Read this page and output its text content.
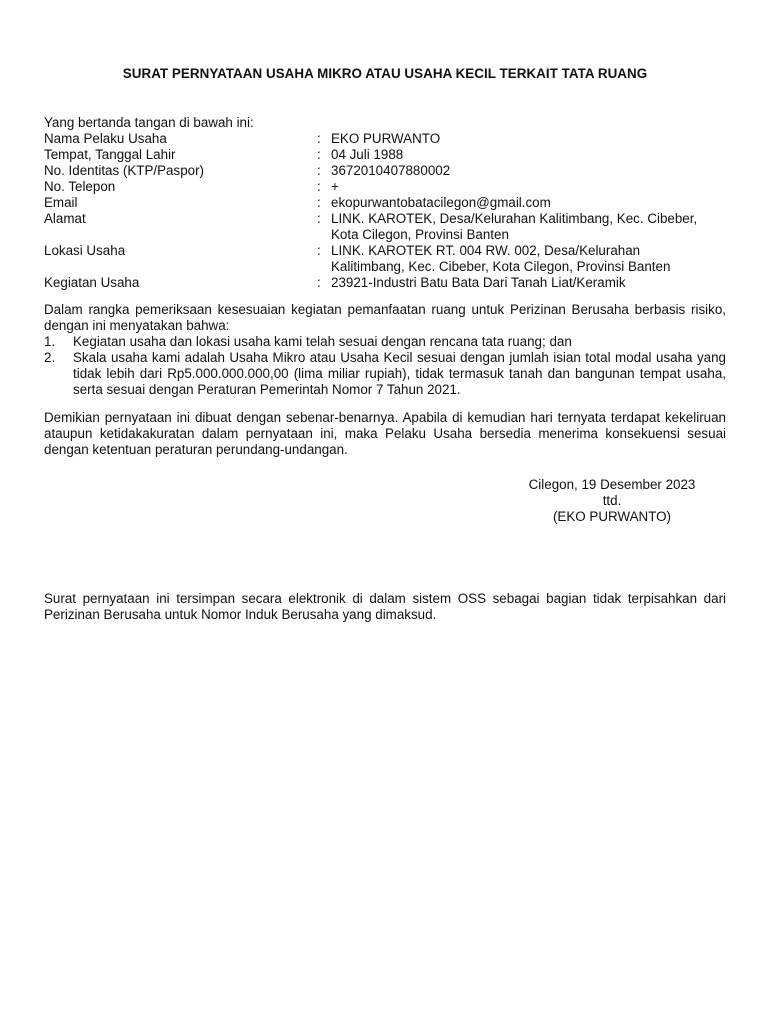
SURAT PERNYATAAN USAHA MIKRO ATAU USAHA KECIL TERKAIT TATA RUANG
Yang bertanda tangan di bawah ini:
Nama Pelaku Usaha	: EKO PURWANTO
Tempat, Tanggal Lahir	: 04 Juli 1988
No. Identitas (KTP/Paspor)	: 3672010407880002
No. Telepon	: +
Email	: ekopurwantobatacilegon@gmail.com
Alamat	: LINK. KAROTEK, Desa/Kelurahan Kalitimbang, Kec. Cibeber,
Kota Cilegon, Provinsi Banten
Lokasi Usaha	: LINK. KAROTEK RT. 004 RW. 002, Desa/Kelurahan
Kalitimbang, Kec. Cibeber, Kota Cilegon, Provinsi Banten
Kegiatan Usaha	: 23921-Industri Batu Bata Dari Tanah Liat/Keramik
Dalam rangka pemeriksaan kesesuaian kegiatan pemanfaatan ruang untuk Perizinan Berusaha berbasis risiko, dengan ini menyatakan bahwa:
1.	Kegiatan usaha dan lokasi usaha kami telah sesuai dengan rencana tata ruang; dan
2.	Skala usaha kami adalah Usaha Mikro atau Usaha Kecil sesuai dengan jumlah isian total modal usaha yang tidak lebih dari Rp5.000.000.000,00 (lima miliar rupiah), tidak termasuk tanah dan bangunan tempat usaha, serta sesuai dengan Peraturan Pemerintah Nomor 7 Tahun 2021.
Demikian pernyataan ini dibuat dengan sebenar-benarnya. Apabila di kemudian hari ternyata terdapat kekeliruan ataupun ketidakakuratan dalam pernyataan ini, maka Pelaku Usaha bersedia menerima konsekuensi sesuai dengan ketentuan peraturan perundang-undangan.
Cilegon, 19 Desember 2023
ttd.
(EKO PURWANTO)
Surat pernyataan ini tersimpan secara elektronik di dalam sistem OSS sebagai bagian tidak terpisahkan dari Perizinan Berusaha untuk Nomor Induk Berusaha yang dimaksud.
